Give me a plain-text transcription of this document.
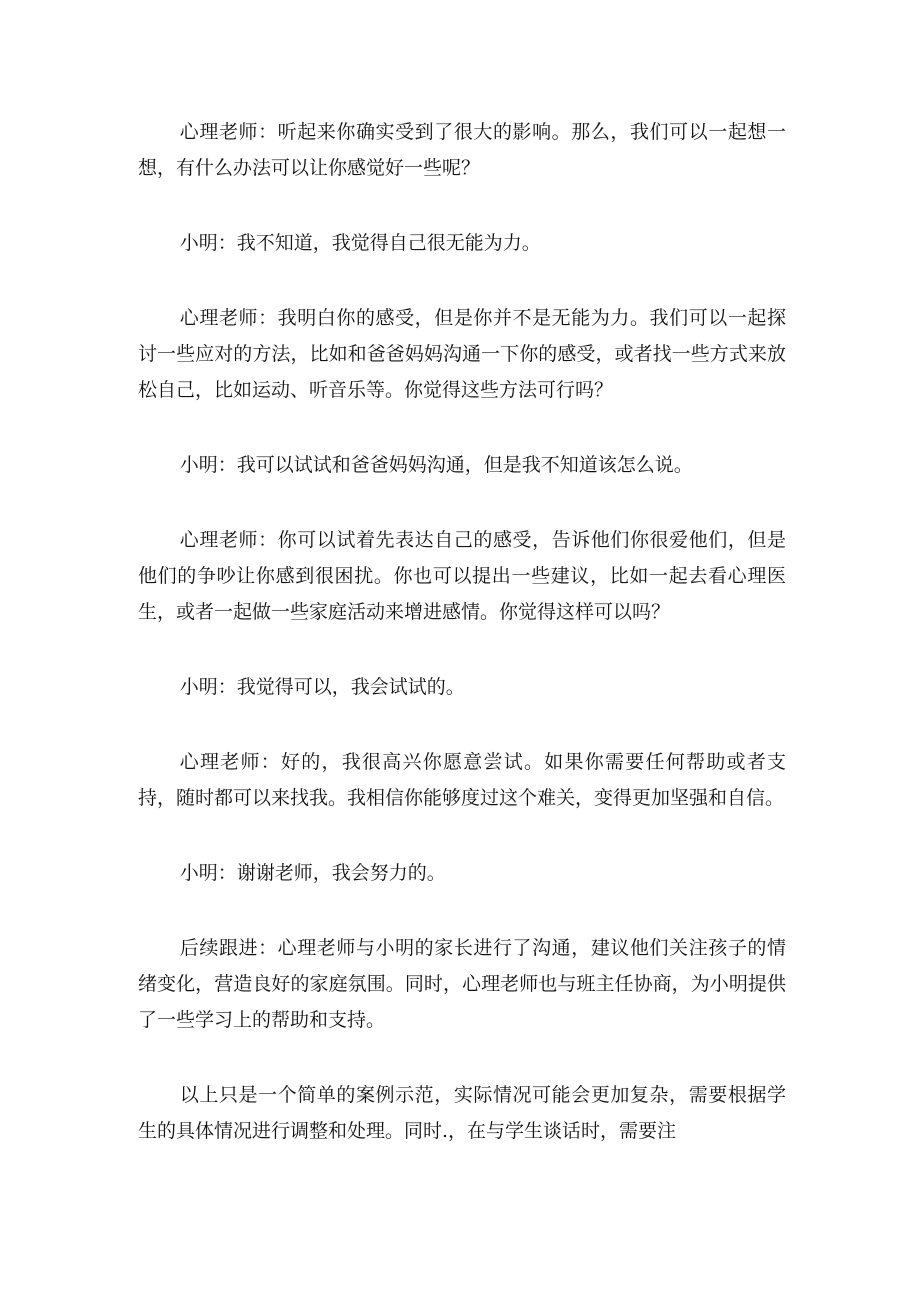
心理老师：听起来你确实受到了很大的影响。那么，我们可以一起想一想，有什么办法可以让你感觉好一些呢？

小明：我不知道，我觉得自己很无能为力。

心理老师：我明白你的感受，但是你并不是无能为力。我们可以一起探讨一些应对的方法，比如和爸爸妈妈沟通一下你的感受，或者找一些方式来放松自己，比如运动、听音乐等。你觉得这些方法可行吗？

小明：我可以试试和爸爸妈妈沟通，但是我不知道该怎么说。

心理老师：你可以试着先表达自己的感受，告诉他们你很爱他们，但是他们的争吵让你感到很困扰。你也可以提出一些建议，比如一起去看心理医生，或者一起做一些家庭活动来增进感情。你觉得这样可以吗？

小明：我觉得可以，我会试试的。

心理老师：好的，我很高兴你愿意尝试。如果你需要任何帮助或者支持，随时都可以来找我。我相信你能够度过这个难关，变得更加坚强和自信。

小明：谢谢老师，我会努力的。

后续跟进：心理老师与小明的家长进行了沟通，建议他们关注孩子的情绪变化，营造良好的家庭氛围。同时，心理老师也与班主任协商，为小明提供了一些学习上的帮助和支持。

以上只是一个简单的案例示范，实际情况可能会更加复杂，需要根据学生的具体情况进行调整和处理。同时.，在与学生谈话时，需要注
